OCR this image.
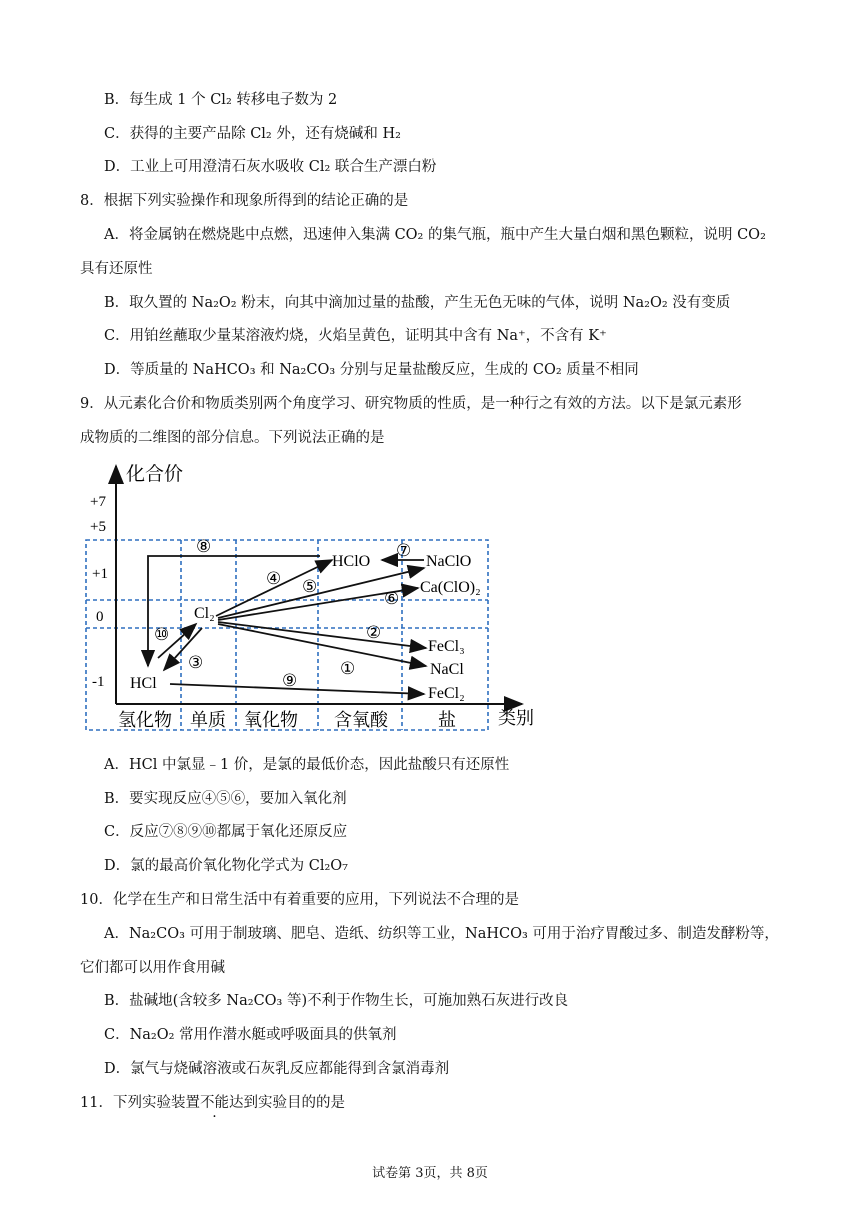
B．每生成 1 个 Cl₂ 转移电子数为 2
C．获得的主要产品除 Cl₂ 外，还有烧碱和 H₂
D．工业上可用澄清石灰水吸收 Cl₂ 联合生产漂白粉
8．根据下列实验操作和现象所得到的结论正确的是
A．将金属钠在燃烧匙中点燃，迅速伸入集满 CO₂ 的集气瓶，瓶中产生大量白烟和黑色颗粒，说明 CO₂
具有还原性
B．取久置的 Na₂O₂ 粉末，向其中滴加过量的盐酸，产生无色无味的气体，说明 Na₂O₂ 没有变质
C．用铂丝蘸取少量某溶液灼烧，火焰呈黄色，证明其中含有 Na⁺，不含有 K⁺
D．等质量的 NaHCO₃ 和 Na₂CO₃ 分别与足量盐酸反应，生成的 CO₂ 质量不相同
9．从元素化合价和物质类别两个角度学习、研究物质的性质，是一种行之有效的方法。以下是氯元素形
成物质的二维图的部分信息。下列说法正确的是
化合价
类别
+7
+5
+1
0
-1
氢化物 单质 氧化物 含氧酸	盐
HClO	NaClO
Ca(ClO)₂
Cl₂
FeCl₃
NaCl
HCl
FeCl₂
⑧	⑦
④ ⑤
⑥
②
①
⑩
③
⑨
A．HCl 中氯显﹣1 价，是氯的最低价态，因此盐酸只有还原性
B．要实现反应④⑤⑥，要加入氧化剂
C．反应⑦⑧⑨⑩都属于氧化还原反应
D．氯的最高价氧化物化学式为 Cl₂O₇
10．化学在生产和日常生活中有着重要的应用，下列说法不合理的是
A．Na₂CO₃ 可用于制玻璃、肥皂、造纸、纺织等工业，NaHCO₃ 可用于治疗胃酸过多、制造发酵粉等，
它们都可以用作食用碱
B．盐碱地(含较多 Na₂CO₃ 等)不利于作物生长，可施加熟石灰进行改良
C．Na₂O₂ 常用作潜水艇或呼吸面具的供氧剂
D．氯气与烧碱溶液或石灰乳反应都能得到含氯消毒剂
11．下列实验装置不能达到实验目的的是
试卷第 3页，共 8页
